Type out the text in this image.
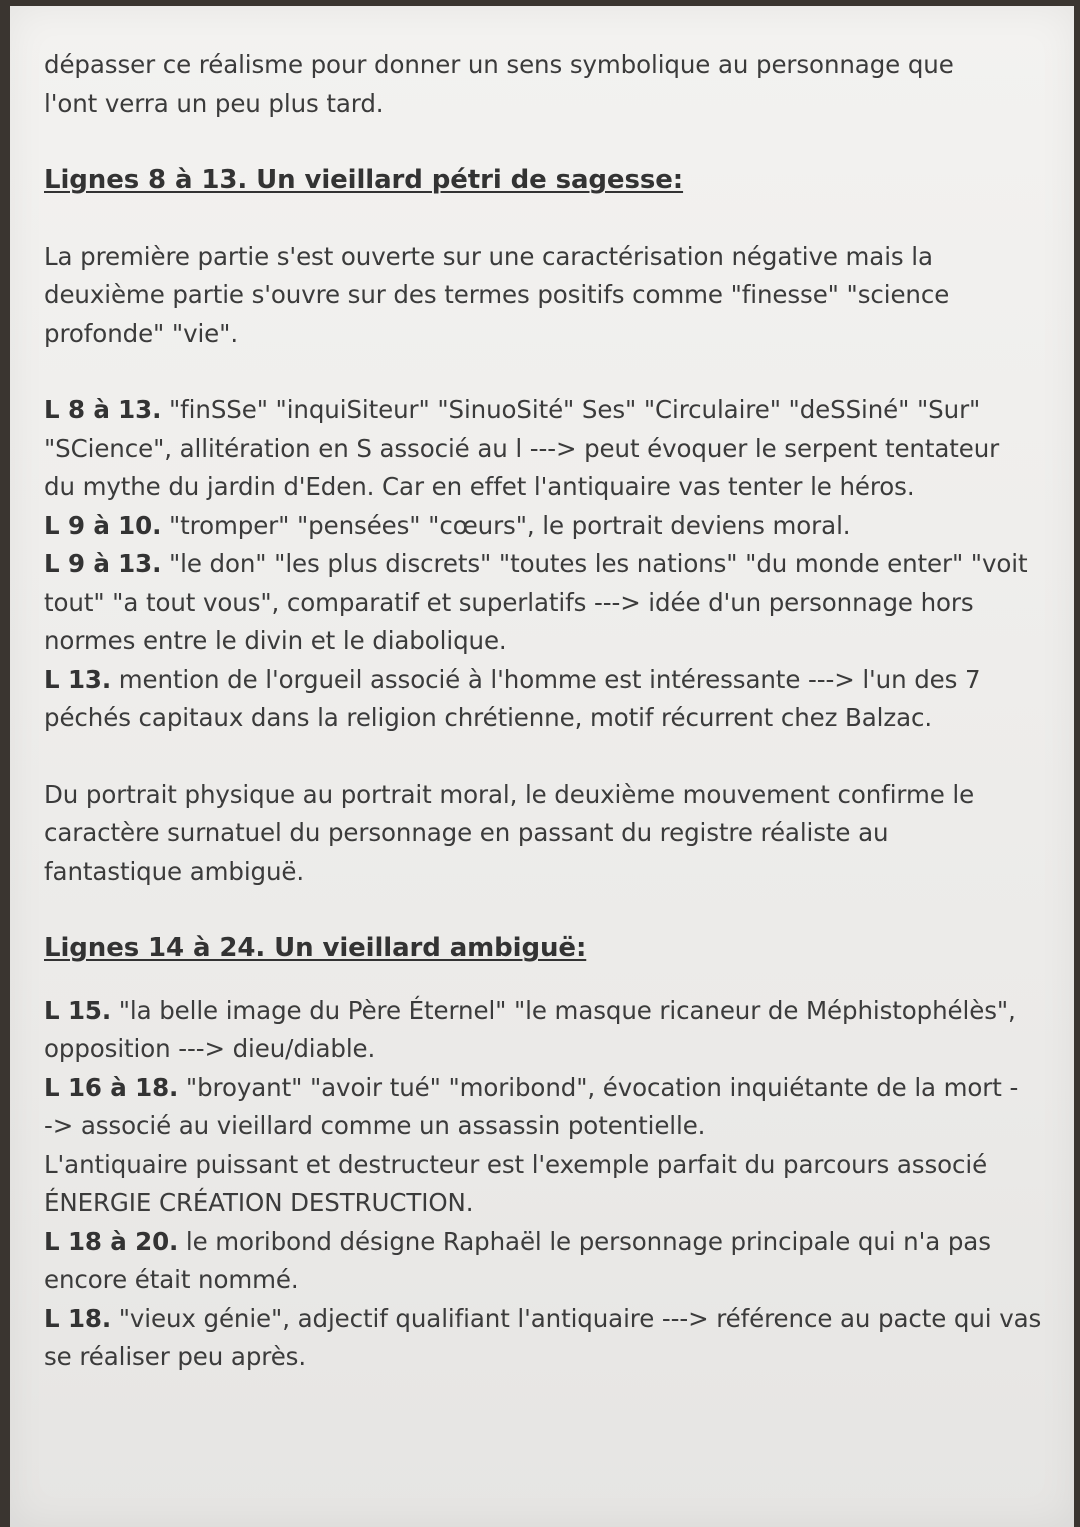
dépasser ce réalisme pour donner un sens symbolique au personnage que

l'ont verra un peu plus tard.

Lignes 8 à 13. Un vieillard pétri de sagesse:

La première partie s'est ouverte sur une caractérisation négative mais la

deuxième partie s'ouvre sur des termes positifs comme "finesse" "science

profonde" "vie".

L 8 à 13. "finSSe" "inquiSiteur" "SinuoSité" Ses" "Circulaire" "deSSiné" "Sur"

"SCience", allitération en S associé au l ---> peut évoquer le serpent tentateur

du mythe du jardin d'Eden. Car en effet l'antiquaire vas tenter le héros.

L 9 à 10. "tromper" "pensées" "cœurs", le portrait deviens moral.

L 9 à 13. "le don" "les plus discrets" "toutes les nations" "du monde enter" "voit

tout" "a tout vous", comparatif et superlatifs ---> idée d'un personnage hors

normes entre le divin et le diabolique.

L 13. mention de l'orgueil associé à l'homme est intéressante ---> l'un des 7

péchés capitaux dans la religion chrétienne, motif récurrent chez Balzac.

Du portrait physique au portrait moral, le deuxième mouvement confirme le

caractère surnatuel du personnage en passant du registre réaliste au

fantastique ambiguë.

Lignes 14 à 24. Un vieillard ambiguë:

L 15. "la belle image du Père Éternel" "le masque ricaneur de Méphistophélès",

opposition ---> dieu/diable.

L 16 à 18. "broyant" "avoir tué" "moribond", évocation inquiétante de la mort -

-> associé au vieillard comme un assassin potentielle.

L'antiquaire puissant et destructeur est l'exemple parfait du parcours associé

ÉNERGIE CRÉATION DESTRUCTION.

L 18 à 20. le moribond désigne Raphaël le personnage principale qui n'a pas

encore était nommé.

L 18. "vieux génie", adjectif qualifiant l'antiquaire ---> référence au pacte qui vas

se réaliser peu après.
